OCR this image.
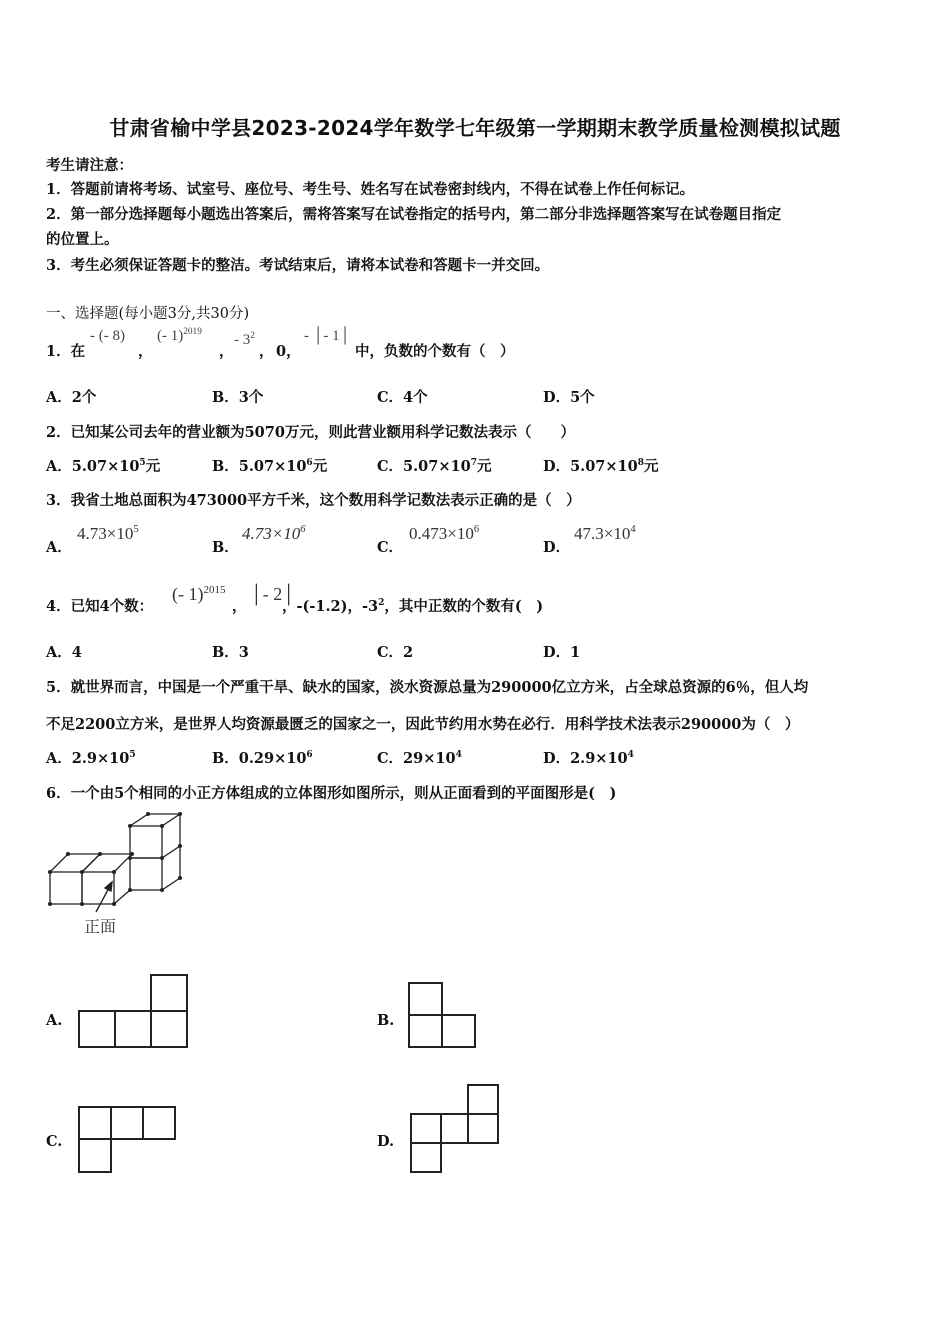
甘肃省榆中学县2023-2024学年数学七年级第一学期期末教学质量检测模拟试题
考生请注意：
1．答题前请将考场、试室号、座位号、考生号、姓名写在试卷密封线内，不得在试卷上作任何标记。
2．第一部分选择题每小题选出答案后，需将答案写在试卷指定的括号内，第二部分非选择题答案写在试卷题目指定
的位置上。
3．考生必须保证答题卡的整洁。考试结束后，请将本试卷和答题卡一并交回。
一、选择题(每小题3分,共30分)
1．在
- (- 8)
，
(- 1)$^{2019}$
，
- $3^2$
， 0，
- │- 1│
中，负数的个数有（　）
A．2个	B．3个	C．4个	D．5个
2．已知某公司去年的营业额为5070万元，则此营业额用科学记数法表示（　　）
A．$5.07\times 10^5$元	B．$5.07\times 10^6$元	C．$5.07\times 10^7$元	D．$5.07\times 10^8$元
3．我省土地总面积为473000平方千米，这个数用科学记数法表示正确的是（　）
A．
$4.73\times 10^5$
B．
$4.73\times 10^6$
C．
$0.473\times 10^6$
D．
$47.3\times 10^4$
4．已知4个数：
(- 1)$^{2015}$
，
│- 2│
，-(-1.2)，$-3^2$，其中正数的个数有(　)
A．4	B．3	C．2	D．1
5．就世界而言，中国是一个严重干旱、缺水的国家，淡水资源总量为290000亿立方米，占全球总资源的6％，但人均
不足2200立方米，是世界人均资源最匮乏的国家之一，因此节约用水势在必行．用科学技术法表示290000为（　）
A．$2.9\times 10^5$	B．$0.29\times 10^6$	C．$29\times 10^4$	D．$2.9\times 10^4$
6．一个由5个相同的小正方体组成的立体图形如图所示，则从正面看到的平面图形是(　)
正面
A.	B.
C.	D.
